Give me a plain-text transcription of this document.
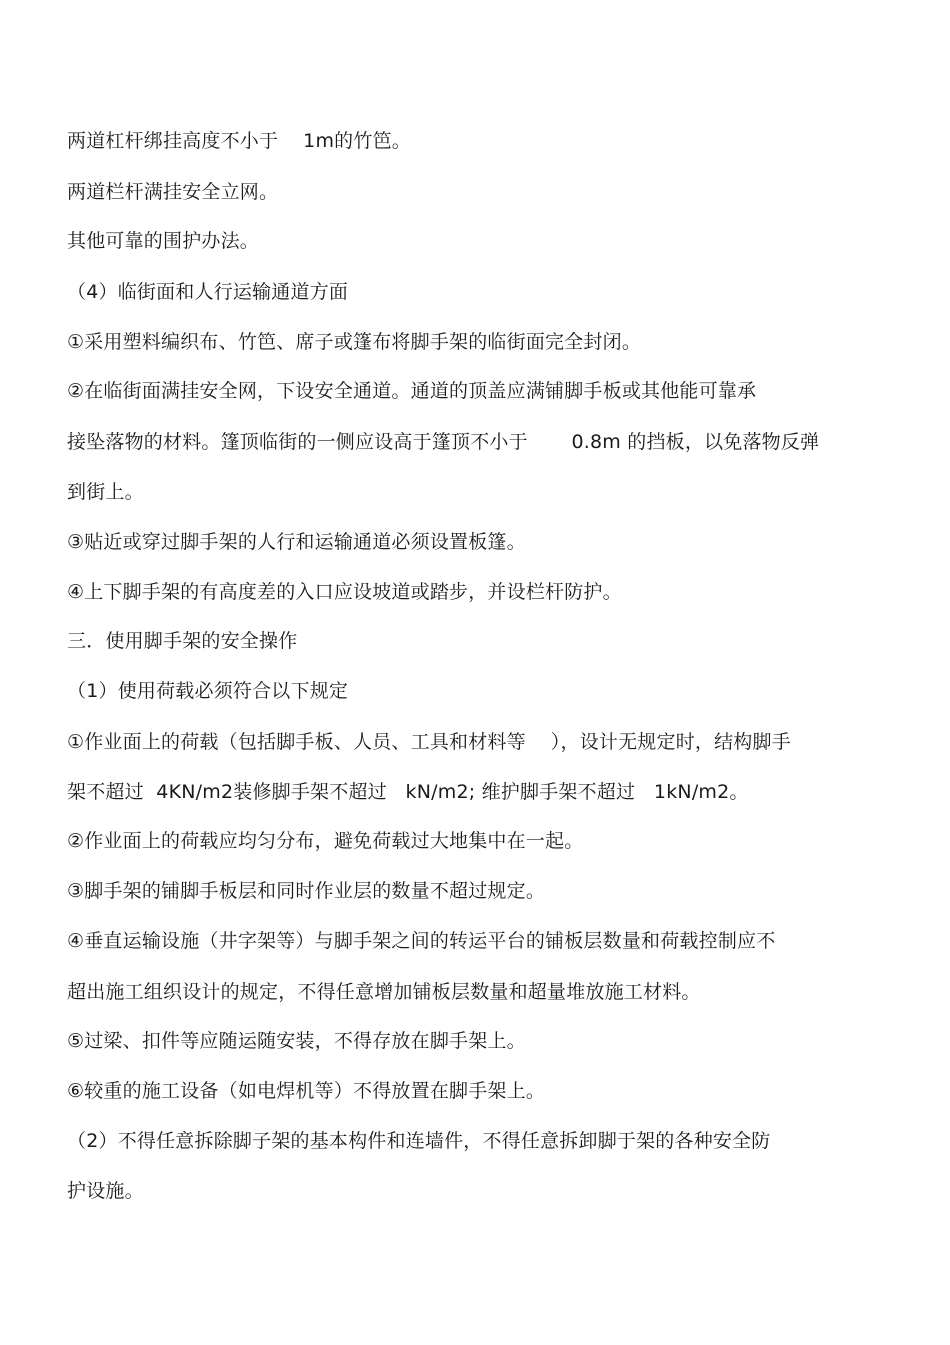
两道杠杆绑挂高度不小于    1m的竹笆。
两道栏杆满挂安全立网。
其他可靠的围护办法。
（4）临街面和人行运输通道方面
①采用塑料编织布、竹笆、席子或篷布将脚手架的临街面完全封闭。
②在临街面满挂安全网，下设安全通道。通道的顶盖应满铺脚手板或其他能可靠承
接坠落物的材料。篷顶临街的一侧应设高于篷顶不小于       0.8m 的挡板，以免落物反弹
到街上。
③贴近或穿过脚手架的人行和运输通道必须设置板篷。
④上下脚手架的有高度差的入口应设坡道或踏步，并设栏杆防护。
三．使用脚手架的安全操作
（1）使用荷载必须符合以下规定
①作业面上的荷载（包括脚手板、人员、工具和材料等    ），设计无规定时，结构脚手
架不超过  4KN/m2装修脚手架不超过   kN/m2; 维护脚手架不超过   1kN/m2。
②作业面上的荷载应均匀分布，避免荷载过大地集中在一起。
③脚手架的铺脚手板层和同时作业层的数量不超过规定。
④垂直运输设施（井字架等）与脚手架之间的转运平台的铺板层数量和荷载控制应不
超出施工组织设计的规定，不得任意增加铺板层数量和超量堆放施工材料。
⑤过梁、扣件等应随运随安装，不得存放在脚手架上。
⑥较重的施工设备（如电焊机等）不得放置在脚手架上。
（2）不得任意拆除脚子架的基本构件和连墙件，不得任意拆卸脚于架的各种安全防
护设施。
